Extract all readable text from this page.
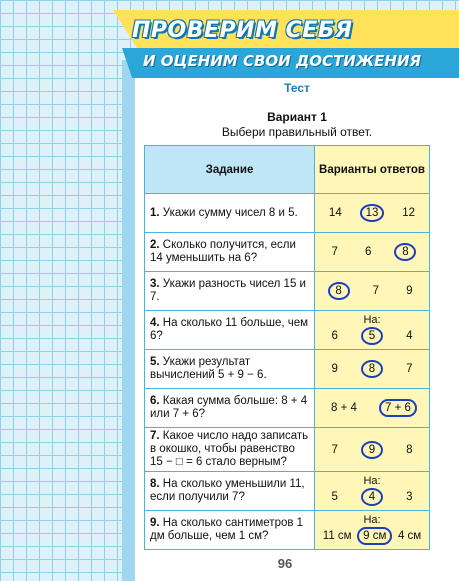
ПРОВЕРИМ СЕБЯ
И ОЦЕНИМ СВОИ ДОСТИЖЕНИЯ
Тест
Вариант 1
Выбери правильный ответ.
Задание	Варианты ответов
1. Укажи сумму чисел 8 и 5.	14 13 12

2. Сколько получится, если 14 уменьшить на 6?	7 6 8

3. Укажи разность чисел 15 и 7.	8 7 9

4. На сколько 11 больше, чем 6?	На:
6 5 4

5. Укажи результат вычислений 5 + 9 − 6.	9 8 7

6. Какая сумма больше: 8 + 4 или 7 + 6?	8 + 4 7 + 6

7. Какое число надо записать в окошко, чтобы равенство 15 − □ = 6 стало верным?	7 9 8

8. На сколько уменьшили 11, если получили 7?	На:
5 4 3

9. На сколько сантиметров 1 дм больше, чем 1 см?	На:
11 см 9 см 4 см
96
